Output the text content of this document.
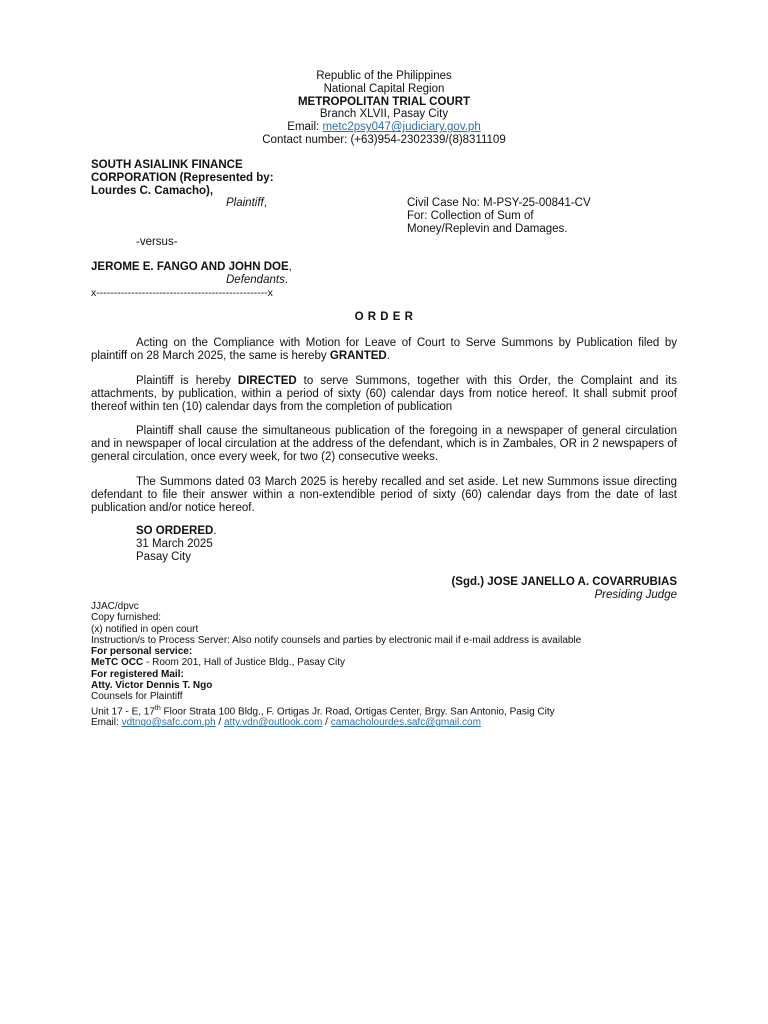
Republic of the Philippines
National Capital Region
METROPOLITAN TRIAL COURT
Branch XLVII, Pasay City
Email: metc2psy047@judiciary.gov.ph
Contact number: (+63)954-2302339/(8)8311109
SOUTH ASIALINK FINANCE
CORPORATION (Represented by:
Lourdes C. Camacho),
Plaintiff,	Civil Case No: M-PSY-25-00841-CV
For: Collection of Sum of
Money/Replevin and Damages.
-versus-
JEROME E. FANGO AND JOHN DOE,
Defendants.
x-------------------------------------------------x
O R D E R

Acting on the Compliance with Motion for Leave of Court to Serve Summons by Publication filed by plaintiff on 28 March 2025, the same is hereby GRANTED.

Plaintiff is hereby DIRECTED to serve Summons, together with this Order, the Complaint and its attachments, by publication, within a period of sixty (60) calendar days from notice hereof. It shall submit proof thereof within ten (10) calendar days from the completion of publication

Plaintiff shall cause the simultaneous publication of the foregoing in a newspaper of general circulation and in newspaper of local circulation at the address of the defendant, which is in Zambales, OR in 2 newspapers of general circulation, once every week, for two (2) consecutive weeks.

The Summons dated 03 March 2025 is hereby recalled and set aside. Let new Summons issue directing defendant to file their answer within a non-extendible period of sixty (60) calendar days from the date of last publication and/or notice hereof.

SO ORDERED.
31 March 2025
Pasay City
(Sgd.) JOSE JANELLO A. COVARRUBIAS
Presiding Judge
JJAC/dpvc
Copy furnished:
(x) notified in open court
Instruction/s to Process Server: Also notify counsels and parties by electronic mail if e-mail address is available
For personal service:
MeTC OCC - Room 201, Hall of Justice Bldg., Pasay City
For registered Mail:
Atty. Victor Dennis T. Ngo
Counsels for Plaintiff
Unit 17 - E, 17th Floor Strata 100 Bldg., F. Ortigas Jr. Road, Ortigas Center, Brgy. San Antonio, Pasig City
Email: vdtngo@safc.com.ph / atty.vdn@outlook.com / camacholourdes.safc@gmail.com
